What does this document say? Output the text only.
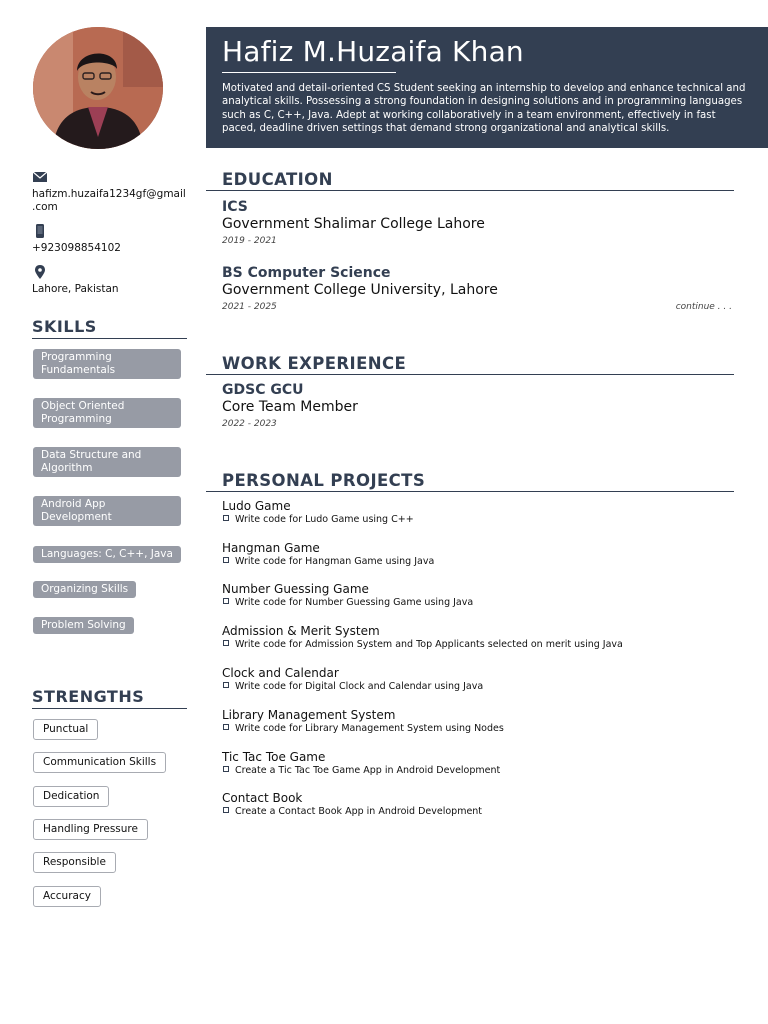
Hafiz M.Huzaifa Khan
Motivated and detail-oriented CS Student seeking an internship to develop and enhance technical and analytical skills. Possessing a strong foundation in designing solutions and in programming languages such as C, C++, Java. Adept at working collaboratively in a team environment, effectively in fast paced, deadline driven settings that demand strong organizational and analytical skills.
hafizm.huzaifa1234gf@gmail
.com
+923098854102
Lahore, Pakistan
SKILLS
Programming Fundamentals
Object Oriented Programming
Data Structure and Algorithm
Android App Development
Languages: C, C++, Java
Organizing Skills
Problem Solving
STRENGTHS
Punctual
Communication Skills
Dedication
Handling Pressure
Responsible
Accuracy
EDUCATION
ICS
Government Shalimar College Lahore
2019 - 2021
BS Computer Science
Government College University, Lahore
2021 - 2025	continue . . .
WORK EXPERIENCE
GDSC GCU
Core Team Member
2022 - 2023
PERSONAL PROJECTS
Ludo Game
Write code for Ludo Game using C++
Hangman Game
Write code for Hangman Game using Java
Number Guessing Game
Write code for Number Guessing Game using Java
Admission & Merit System
Write code for Admission System and Top Applicants selected on merit using Java
Clock and Calendar
Write code for Digital Clock and Calendar using Java
Library Management System
Write code for Library Management System using Nodes
Tic Tac Toe Game
Create a Tic Tac Toe Game App in Android Development
Contact Book
Create a Contact Book App in Android Development
